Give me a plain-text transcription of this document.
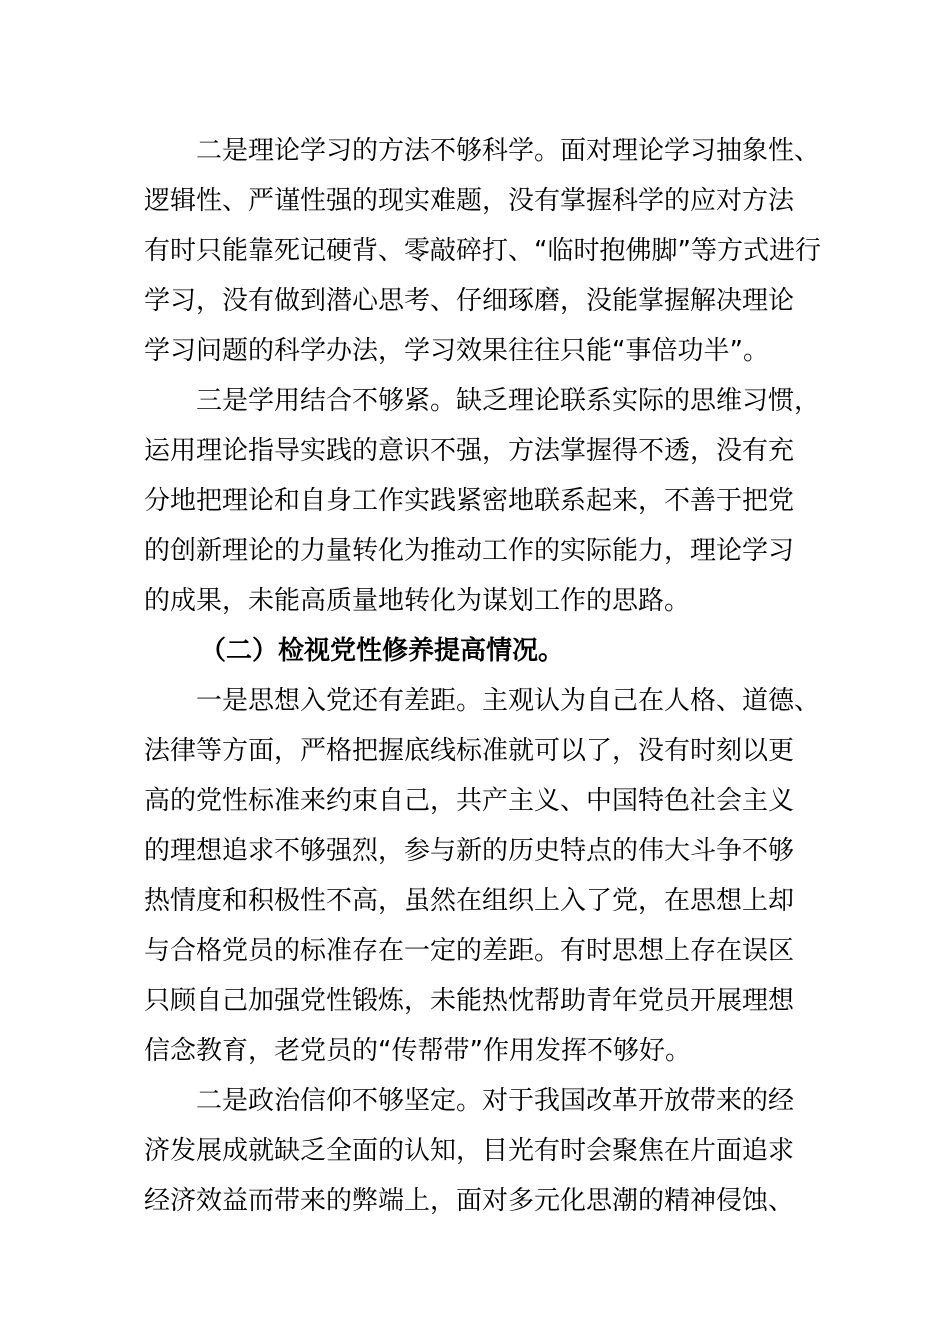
二是理论学习的方法不够科学。面对理论学习抽象性、
逻辑性、严谨性强的现实难题，没有掌握科学的应对方法
有时只能靠死记硬背、零敲碎打、“临时抱佛脚”等方式进行
学习，没有做到潜心思考、仔细琢磨，没能掌握解决理论
学习问题的科学办法，学习效果往往只能“事倍功半”。
三是学用结合不够紧。缺乏理论联系实际的思维习惯，
运用理论指导实践的意识不强，方法掌握得不透，没有充
分地把理论和自身工作实践紧密地联系起来，不善于把党
的创新理论的力量转化为推动工作的实际能力，理论学习
的成果，未能高质量地转化为谋划工作的思路。
（二）检视党性修养提高情况。
一是思想入党还有差距。主观认为自己在人格、道德、
法律等方面，严格把握底线标准就可以了，没有时刻以更
高的党性标准来约束自己，共产主义、中国特色社会主义
的理想追求不够强烈，参与新的历史特点的伟大斗争不够
热情度和积极性不高，虽然在组织上入了党，在思想上却
与合格党员的标准存在一定的差距。有时思想上存在误区
只顾自己加强党性锻炼，未能热忱帮助青年党员开展理想
信念教育，老党员的“传帮带”作用发挥不够好。
二是政治信仰不够坚定。对于我国改革开放带来的经
济发展成就缺乏全面的认知，目光有时会聚焦在片面追求
经济效益而带来的弊端上，面对多元化思潮的精神侵蚀、
